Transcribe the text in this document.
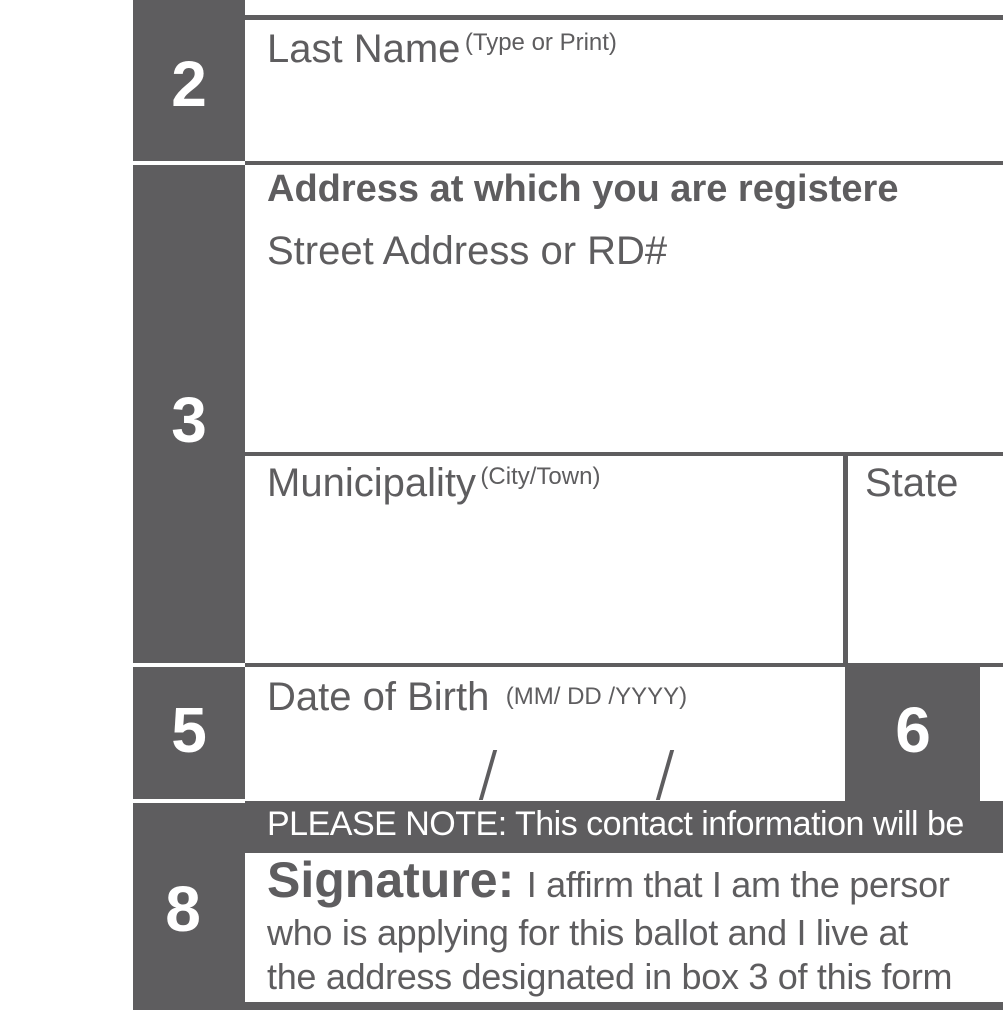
2	Last Name (Type or Print)
3
Address at which you are registere
Street Address or RD#
Municipality (City/Town)	State
5	Date of Birth (MM/ DD /YYYY)	6
PLEASE NOTE: This contact information will be
8	Signature: I affirm that I am the persor
who is applying for this ballot and I live at
the address designated in box 3 of this form
